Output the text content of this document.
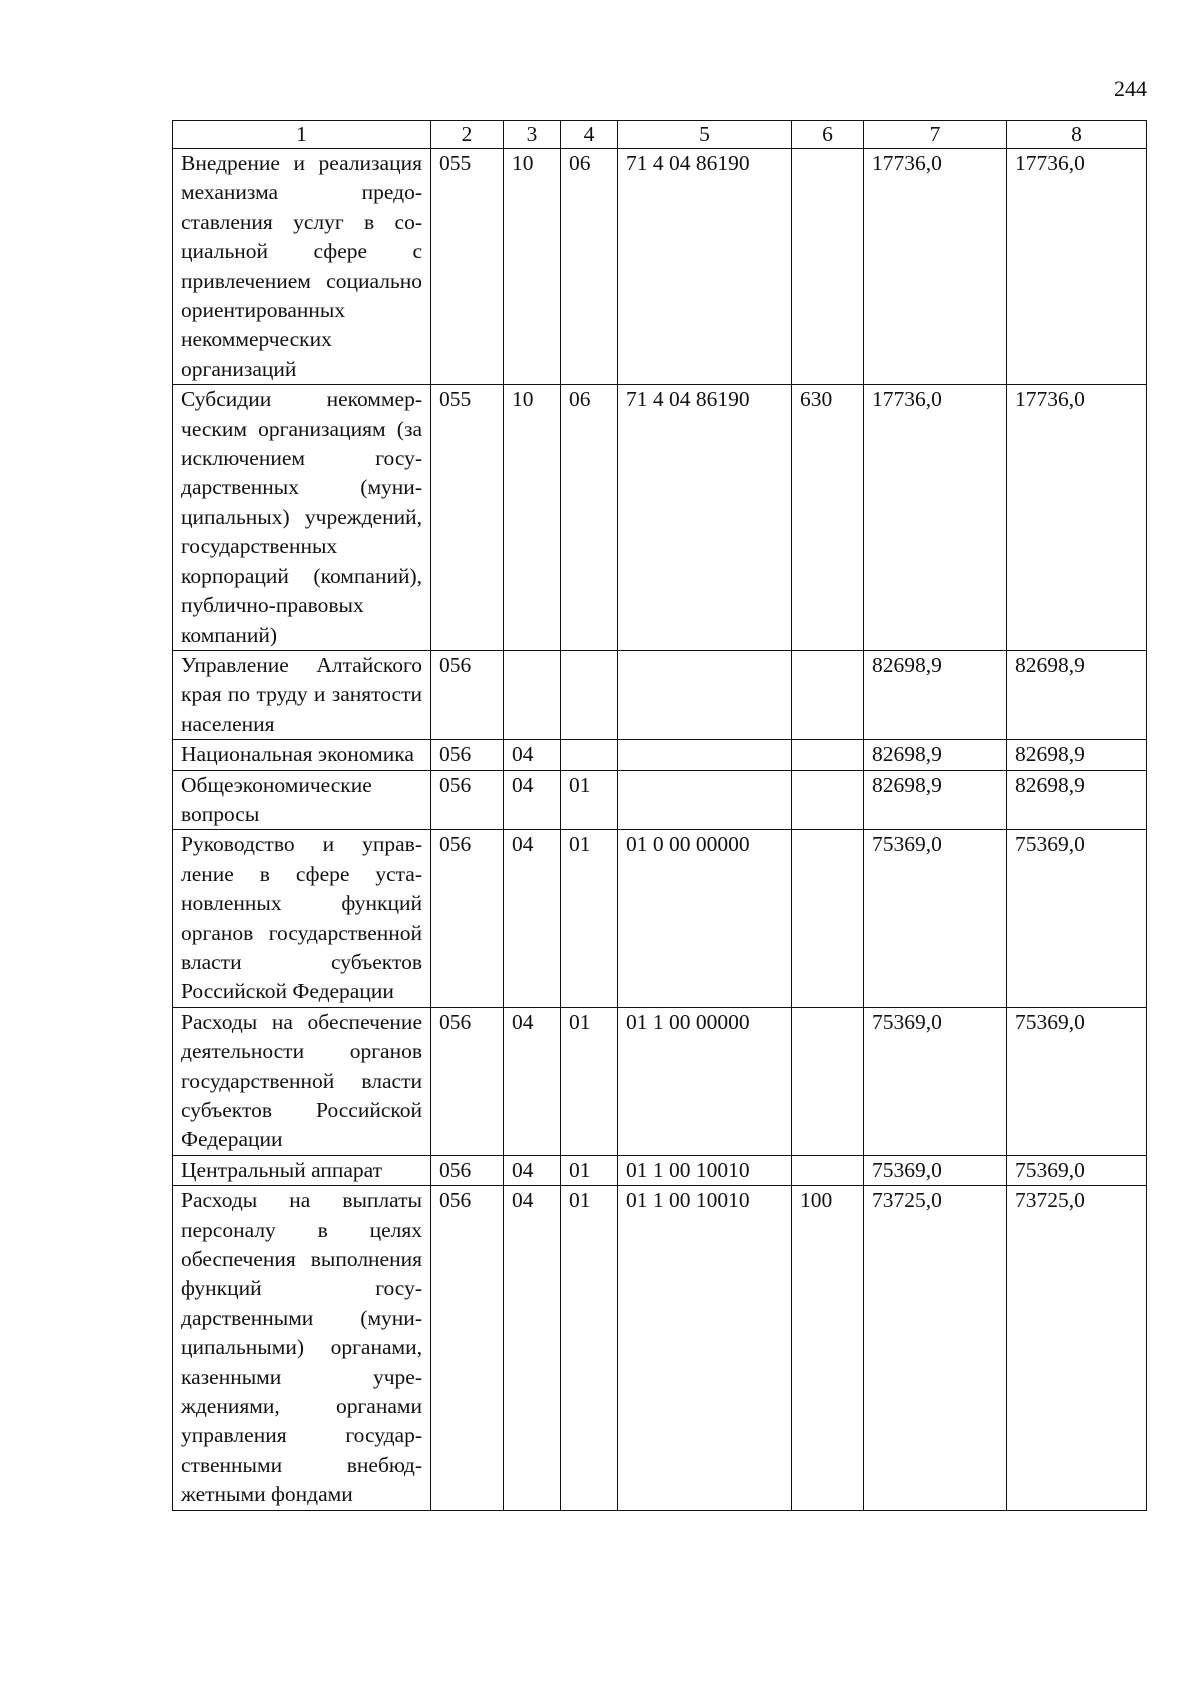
244
1	2	3	4	5	6	7	8
Внедрение и реализация механизма предоставления услуг в социальной сфере с привлечением социально ориентированных некоммерческих организаций	055	10	06	71 4 04 86190		17736,0	17736,0
Субсидии некоммерческим организациям (за исключением государственных (муниципальных) учреждений, государственных корпораций (компаний), публично-правовых компаний)	055	10	06	71 4 04 86190	630	17736,0	17736,0
Управление Алтайского края по труду и занятости населения	056					82698,9	82698,9
Национальная экономика	056	04				82698,9	82698,9
Общеэкономические вопросы	056	04	01			82698,9	82698,9
Руководство и управление в сфере установленных функций органов государственной власти субъектов Российской Федерации	056	04	01	01 0 00 00000		75369,0	75369,0
Расходы на обеспечение деятельности органов государственной власти субъектов Российской Федерации	056	04	01	01 1 00 00000		75369,0	75369,0
Центральный аппарат	056	04	01	01 1 00 10010		75369,0	75369,0
Расходы на выплаты персоналу в целях обеспечения выполнения функций государственными (муниципальными) органами, казенными учреждениями, органами управления государственными внебюджетными фондами	056	04	01	01 1 00 10010	100	73725,0	73725,0
